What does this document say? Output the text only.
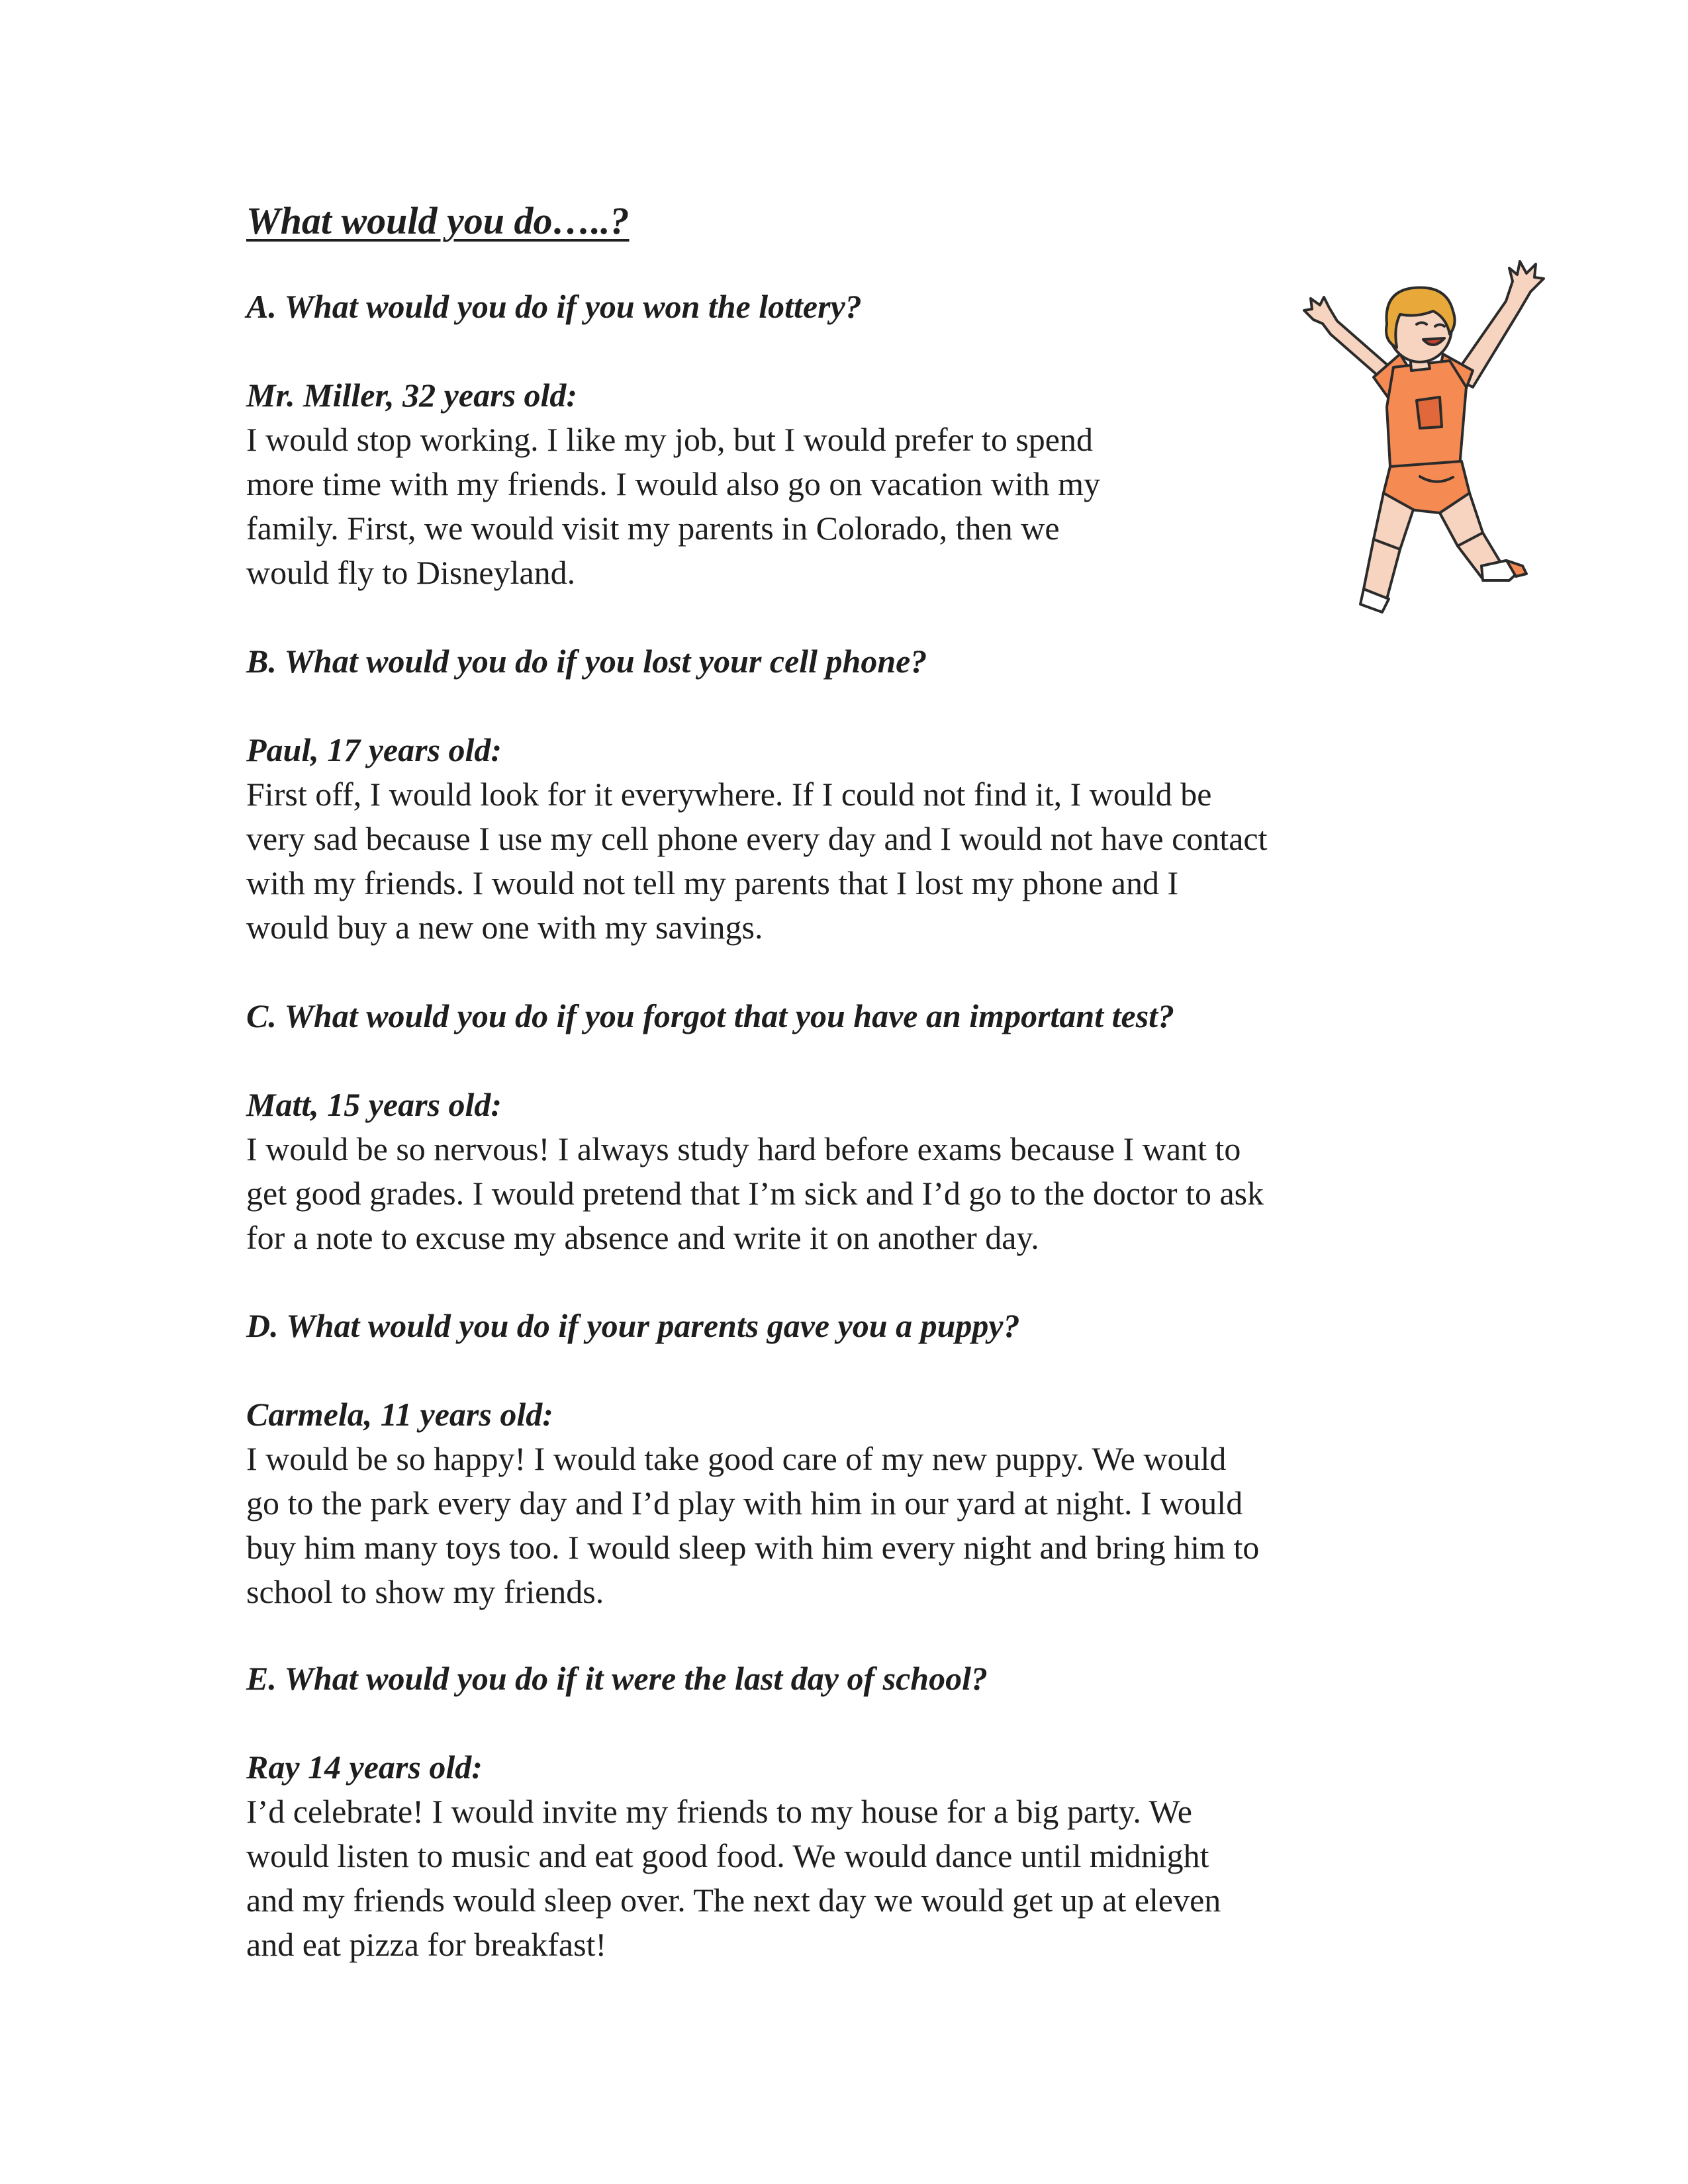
What would you do…..?

A. What would you do if you won the lottery?

Mr. Miller, 32 years old:

I would stop working. I like my job, but I would prefer to spend
more time with my friends. I would also go on vacation with my
family. First, we would visit my parents in Colorado, then we
would fly to Disneyland.

B. What would you do if you lost your cell phone?

Paul, 17 years old:

First off, I would look for it everywhere. If I could not find it, I would be
very sad because I use my cell phone every day and I would not have contact
with my friends. I would not tell my parents that I lost my phone and I
would buy a new one with my savings.

C. What would you do if you forgot that you have an important test?

Matt, 15 years old:

I would be so nervous! I always study hard before exams because I want to
get good grades. I would pretend that I’m sick and I’d go to the doctor to ask
for a note to excuse my absence and write it on another day.

D. What would you do if your parents gave you a puppy?

Carmela, 11 years old:

I would be so happy! I would take good care of my new puppy. We would
go to the park every day and I’d play with him in our yard at night. I would
buy him many toys too. I would sleep with him every night and bring him to
school to show my friends.

E. What would you do if it were the last day of school?

Ray 14 years old:

I’d celebrate! I would invite my friends to my house for a big party. We
would listen to music and eat good food. We would dance until midnight
and my friends would sleep over. The next day we would get up at eleven
and eat pizza for breakfast!
